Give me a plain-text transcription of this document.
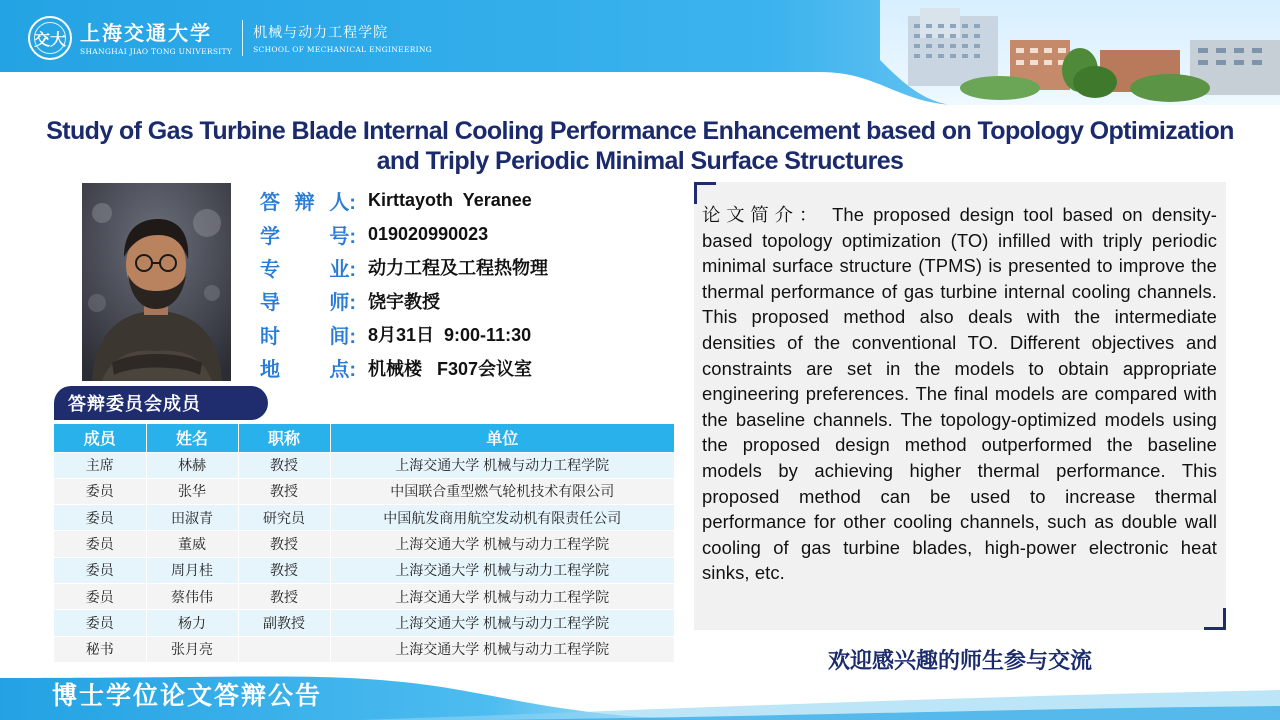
交大 上海交通大学
SHANGHAI JIAO TONG UNIVERSITY
机械与动力工程学院
SCHOOL OF MECHANICAL ENGINEERING
Study of Gas Turbine Blade Internal Cooling Performance Enhancement based on Topology Optimization and Triply Periodic Minimal Surface Structures
答 辩 人: Kirttayoth  Yeranee
学 号: 019020990023
专 业: 动力工程及工程热物理
导 师: 饶宇教授
时 间: 8月31日  9:00-11:30
地 点: 机械楼   F307会议室
答辩委员会成员
成员	姓名	职称	单位
主席	林赫	教授	上海交通大学 机械与动力工程学院
委员	张华	教授	中国联合重型燃气轮机技术有限公司
委员	田淑青	研究员	中国航发商用航空发动机有限责任公司
委员	董威	教授	上海交通大学 机械与动力工程学院
委员	周月桂	教授	上海交通大学 机械与动力工程学院
委员	蔡伟伟	教授	上海交通大学 机械与动力工程学院
委员	杨力	副教授	上海交通大学 机械与动力工程学院
秘书	张月亮		上海交通大学 机械与动力工程学院

论文简介： The proposed design tool based on density-based topology optimization (TO) infilled with triply periodic minimal surface structure (TPMS) is presented to improve the thermal performance of gas turbine internal cooling channels. This proposed method also deals with the intermediate densities of the conventional TO. Different objectives and constraints are set in the models to obtain appropriate engineering preferences. The final models are compared with the baseline channels. The topology-optimized models using the proposed design method outperformed the baseline models by achieving higher thermal performance. This proposed method can be used to increase thermal performance for other cooling channels, such as double wall cooling of gas turbine blades, high-power electronic heat sinks, etc.

欢迎感兴趣的师生参与交流
博士学位论文答辩公告
